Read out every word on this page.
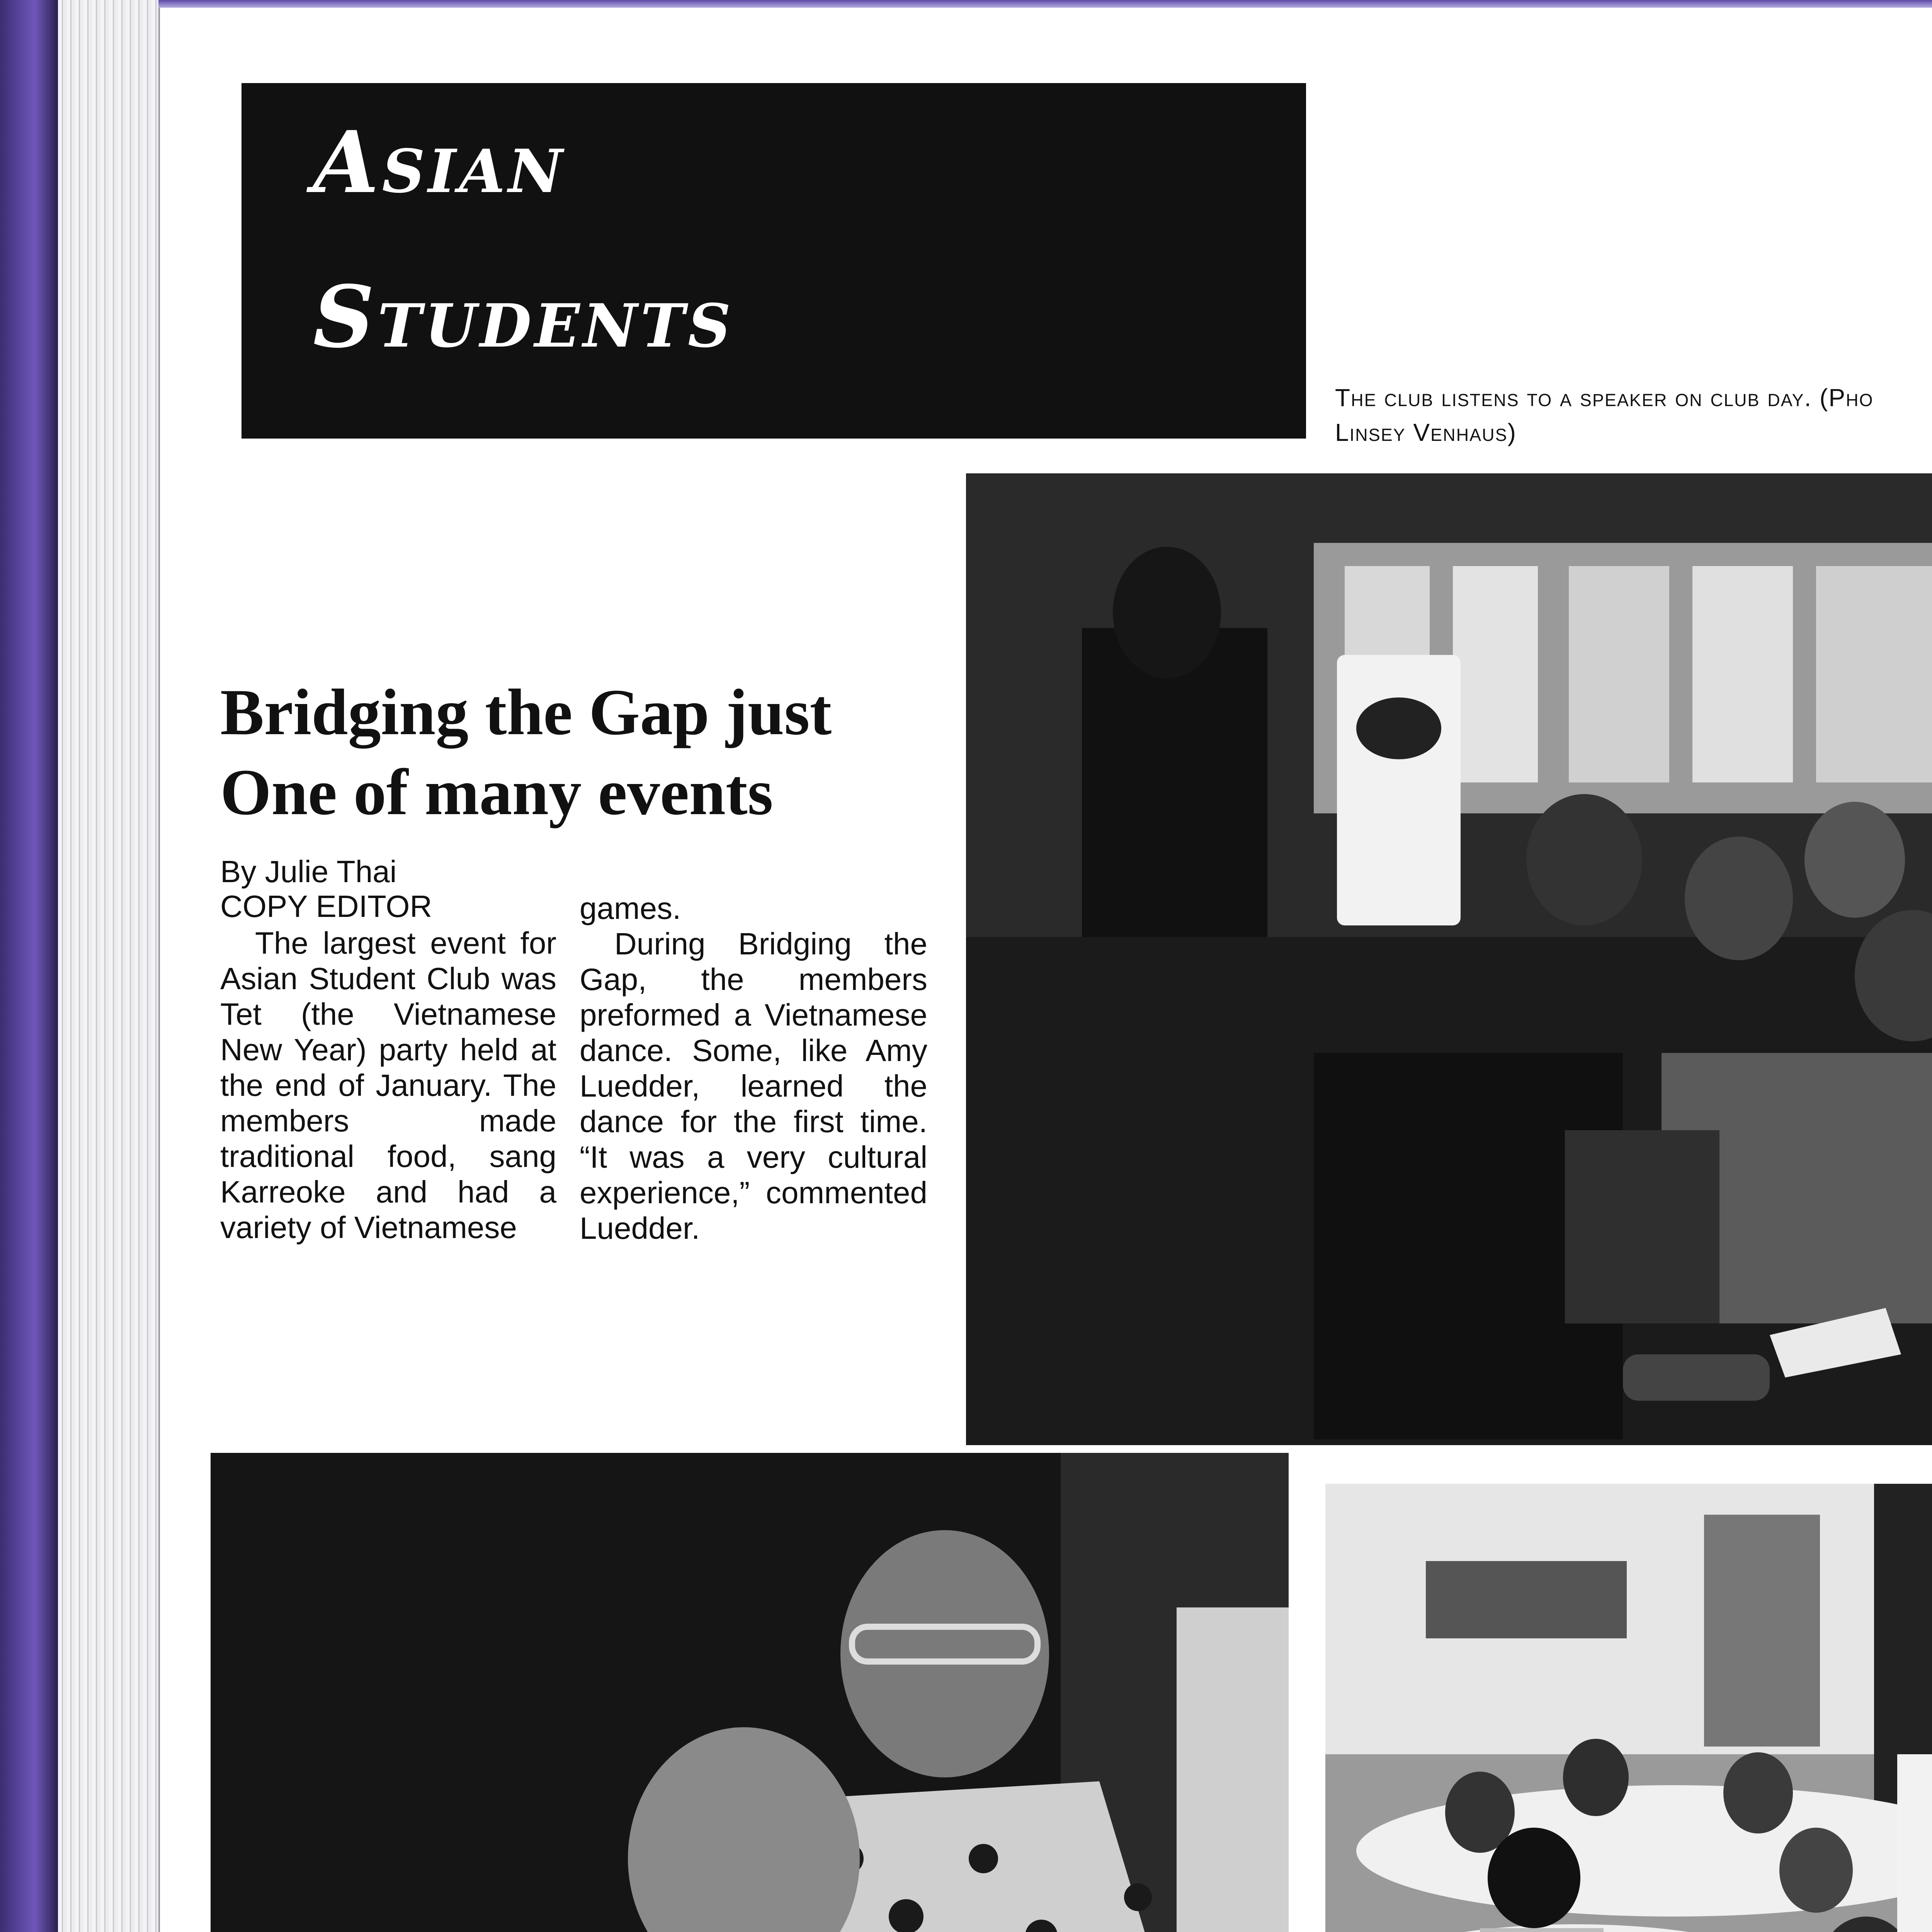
Asian
Students
The club listens to a speaker on club day. (Pho
Linsey Venhaus)
Bridging the Gap just One of many events
By Julie Thai
COPY EDITOR

The largest event for Asian Student Club was Tet (the Vietnamese New Year) party held at the end of January. The members made traditional food, sang Karreoke and had a variety of Vietnamese

games.

During Bridging the Gap, the members preformed a Vietnamese dance. Some, like Amy Luedder, learned the dance for the first time. “It was a very cultural experience,” commented Luedder.
